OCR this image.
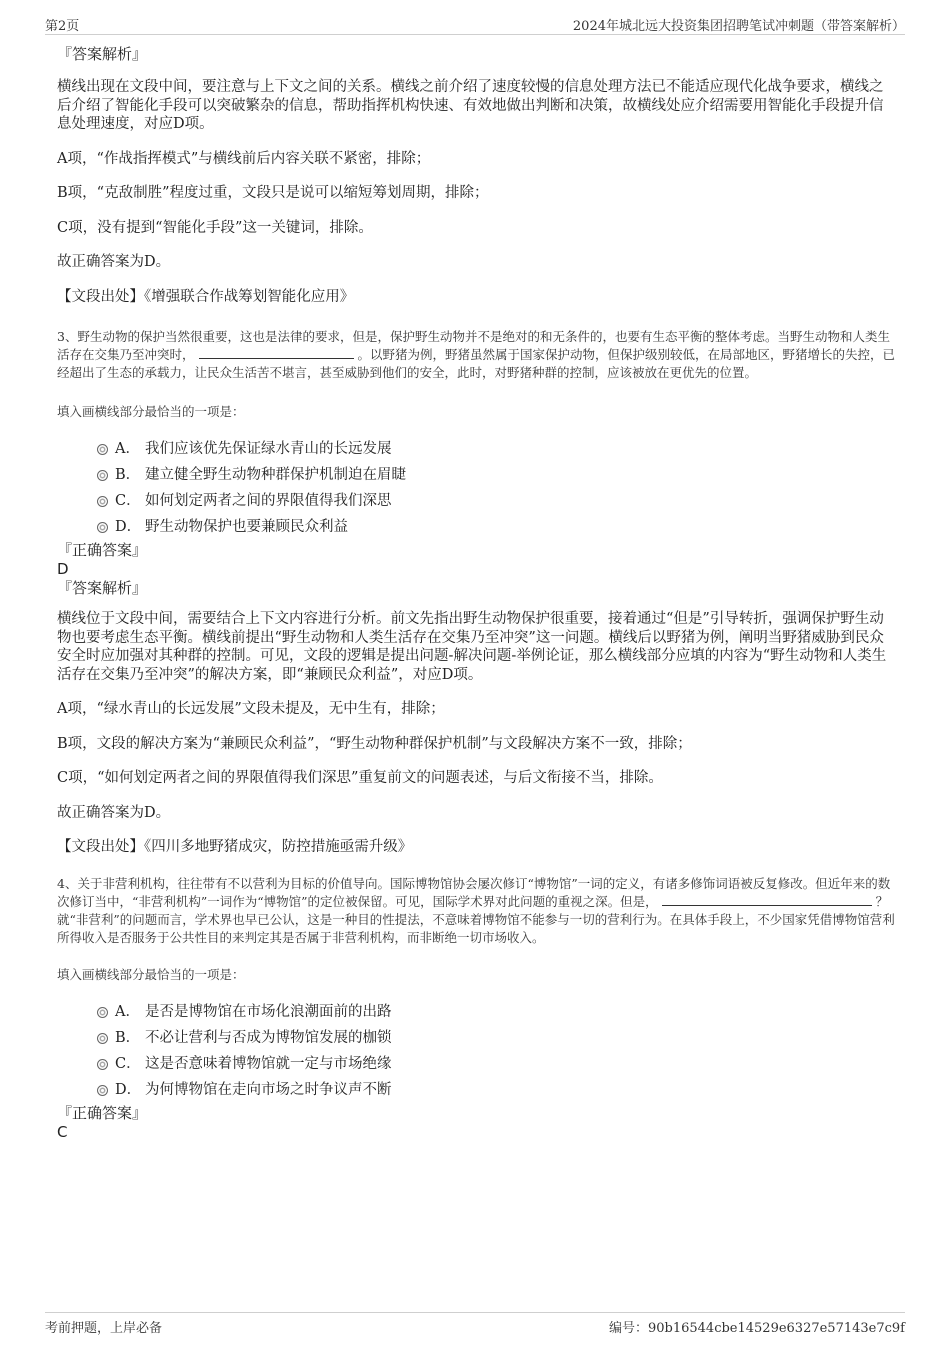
第2页	2024年城北远大投资集团招聘笔试冲刺题（带答案解析）

『答案解析』

横线出现在文段中间，要注意与上下文之间的关系。横线之前介绍了速度较慢的信息处理方法已不能适应现代化战争要求，横线之后介绍了智能化手段可以突破繁杂的信息，帮助指挥机构快速、有效地做出判断和决策，故横线处应介绍需要用智能化手段提升信息处理速度，对应D项。

A项，“作战指挥模式”与横线前后内容关联不紧密，排除；

B项，“克敌制胜”程度过重，文段只是说可以缩短筹划周期，排除；

C项，没有提到“智能化手段”这一关键词，排除。

故正确答案为D。

【文段出处】《增强联合作战筹划智能化应用》

3、野生动物的保护当然很重要，这也是法律的要求，但是，保护野生动物并不是绝对的和无条件的，也要有生态平衡的整体考虑。当野生动物和人类生活存在交集乃至冲突时，	。以野猪为例，野猪虽然属于国家保护动物，但保护级别较低，在局部地区，野猪增长的失控，已经超出了生态的承载力，让民众生活苦不堪言，甚至威胁到他们的安全，此时，对野猪种群的控制，应该被放在更优先的位置。

填入画横线部分最恰当的一项是：

A． 我们应该优先保证绿水青山的长远发展
B． 建立健全野生动物种群保护机制迫在眉睫
C． 如何划定两者之间的界限值得我们深思
D． 野生动物保护也要兼顾民众利益

『正确答案』

D

『答案解析』

横线位于文段中间，需要结合上下文内容进行分析。前文先指出野生动物保护很重要，接着通过“但是”引导转折，强调保护野生动物也要考虑生态平衡。横线前提出“野生动物和人类生活存在交集乃至冲突”这一问题。横线后以野猪为例，阐明当野猪威胁到民众安全时应加强对其种群的控制。可见，文段的逻辑是提出问题-解决问题-举例论证，那么横线部分应填的内容为“野生动物和人类生活存在交集乃至冲突”的解决方案，即“兼顾民众利益”，对应D项。

A项，“绿水青山的长远发展”文段未提及，无中生有，排除；

B项，文段的解决方案为“兼顾民众利益”，“野生动物种群保护机制”与文段解决方案不一致，排除；

C项，“如何划定两者之间的界限值得我们深思”重复前文的问题表述，与后文衔接不当，排除。

故正确答案为D。

【文段出处】《四川多地野猪成灾，防控措施亟需升级》

4、关于非营利机构，往往带有不以营利为目标的价值导向。国际博物馆协会屡次修订“博物馆”一词的定义，有诸多修饰词语被反复修改。但近年来的数次修订当中，“非营利机构”一词作为“博物馆”的定位被保留。可见，国际学术界对此问题的重视之深。但是，	？就“非营利”的问题而言，学术界也早已公认，这是一种目的性提法，不意味着博物馆不能参与一切的营利行为。在具体手段上，不少国家凭借博物馆营利所得收入是否服务于公共性目的来判定其是否属于非营利机构，而非断绝一切市场收入。

填入画横线部分最恰当的一项是：

A． 是否是博物馆在市场化浪潮面前的出路
B． 不必让营利与否成为博物馆发展的枷锁
C． 这是否意味着博物馆就一定与市场绝缘
D． 为何博物馆在走向市场之时争议声不断

『正确答案』

C

考前押题，上岸必备	编号：90b16544cbe14529e6327e57143e7c9f
